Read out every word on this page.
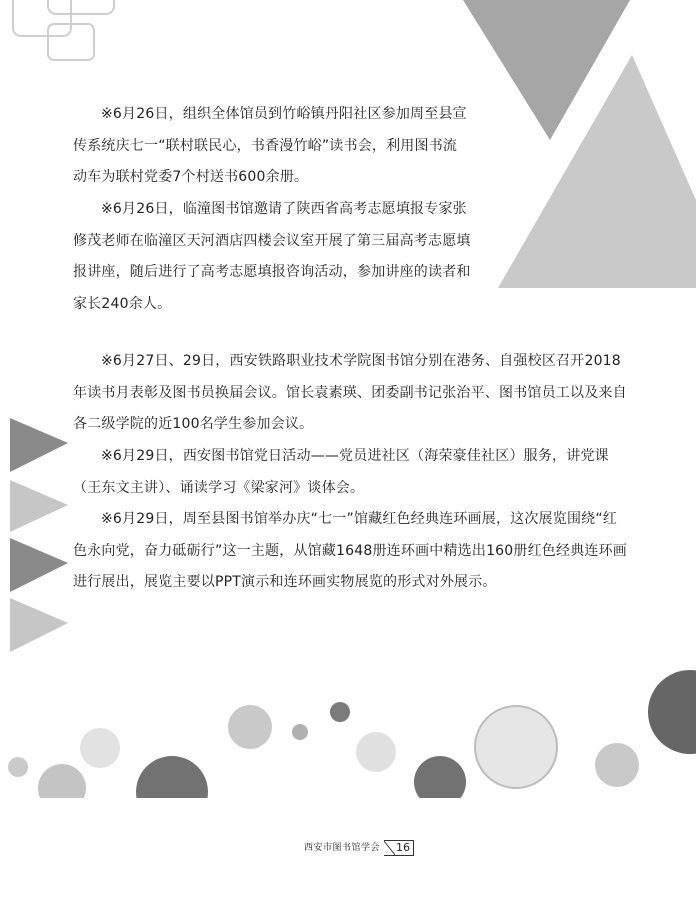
※6月26日，组织全体馆员到竹峪镇丹阳社区参加周至县宣传系统庆七一“联村联民心，书香漫竹峪”读书会，利用图书流动车为联村党委7个村送书600余册。

※6月26日，临潼图书馆邀请了陕西省高考志愿填报专家张修茂老师在临潼区天河酒店四楼会议室开展了第三届高考志愿填报讲座，随后进行了高考志愿填报咨询活动，参加讲座的读者和家长240余人。

※6月27日、29日，西安铁路职业技术学院图书馆分别在港务、自强校区召开2018年读书月表彰及图书员换届会议。馆长袁素瑛、团委副书记张治平、图书馆员工以及来自各二级学院的近100名学生参加会议。

※6月29日，西安图书馆党日活动——党员进社区（海荣豪佳社区）服务，讲党课（王东文主讲）、诵读学习《梁家河》谈体会。

※6月29日，周至县图书馆举办庆“七一”馆藏红色经典连环画展，这次展览围绕“红色永向党，奋力砥砺行”这一主题，从馆藏1648册连环画中精选出160册红色经典连环画进行展出，展览主要以PPT演示和连环画实物展览的形式对外展示。

西安市图书馆学会	16
